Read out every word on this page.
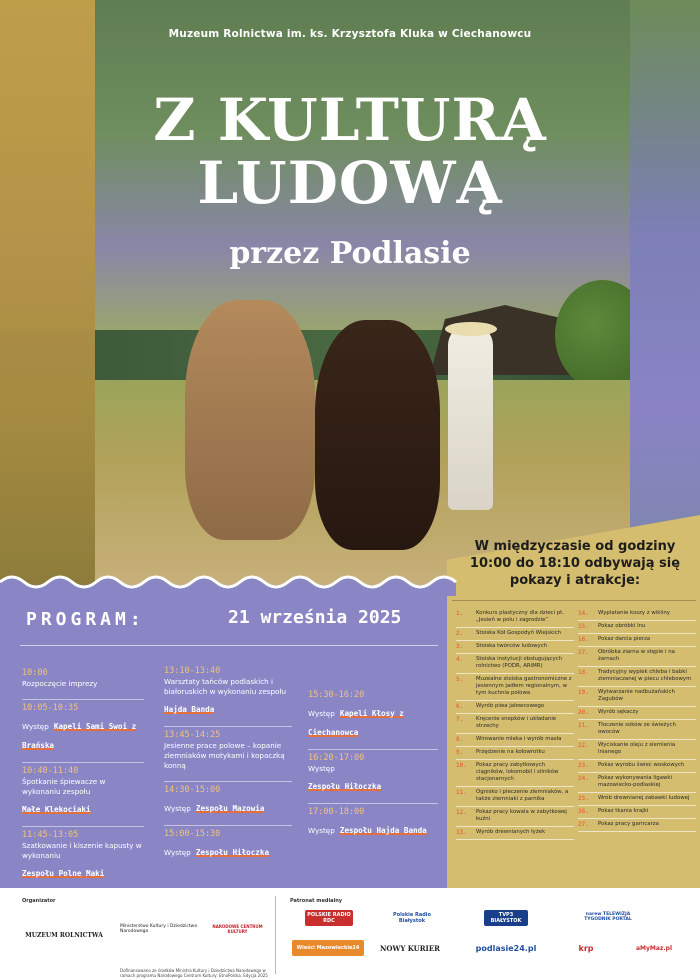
Muzeum Rolnictwa im. ks. Krzysztofa Kluka w Ciechanowcu
Z KULTURĄ
LUDOWĄ
przez Podlasie
PROGRAM:	21 września 2025
10:00
Rozpoczęcie imprezy
10:05-10:35
Występ Kapeli Sami Swoi z Brańska
10:40-11:40
Śpotkanie śpiewacze w wykonaniu zespołu
Małe Klekociaki
11:45-13:05
Szatkowanie i kiszenie kapusty w wykonaniu
Zespołu Polne Maki
13:10-13:40
Warsztaty tańców podlaskich i białoruskich w wykonaniu zespołu
Hajda Banda
13:45-14:25
Jesienne prace polowe – kopanie ziemniaków motykami i kopaczką konną
14:30-15:00
Występ Zespołu Mazowia
15:00-15:30
Występ Zespołu Hiłoczka
15:30-16:20
Występ Kapeli Kłosy z Ciechanowca
16:20-17:00
Występ
Zespołu Hiłoczka
17:00-18:00
Występ Zespołu Hajda Banda
W międzyczasie od godziny 10:00 do 18:10 odbywają się pokazy i atrakcje:
1.	Konkurs plastyczny dla dzieci pt. „Jesień w polu i zagrodzie”
2.	Stoiska Kół Gospodyń Wiejskich
3.	Stoiska twórców ludowych
4.	Stoiska instytucji obsługujących rolnictwo (PODR, ARiMR)
5.	Muzealne stoiska gastronomiczne z jesiennym jadłem regionalnym, w tym kuchnia polowa
6.	Wyrób piwa jałowcowego
7.	Kręcenie snopków i układanie strzechy
8.	Wirowanie mleka i wyrób masła
9.	Przędzenie na kołowrotku
10.	Pokaz pracy zabytkowych ciągników, lokomobil i silników stacjonarnych
11.	Ognisko i pieczenie ziemniaków, a także ziemniaki z parnika
12.	Pokaz pracy kowala w zabytkowej kuźni
13.	Wyrób drewnianych łyżek
14.	Wyplatanie koszy z wikliny
15.	Pokaz obróbki lnu
16.	Pokaz darcia pierza
17.	Obróbka ziarna w stępie i na żarnach
18.	Tradycyjny wypiek chleba i babki ziemniaczanej w piecu chlebowym
19.	Wytwarzanie nadbużańskich Zagubów
20.	Wyrób sękaczy
21.	Tłoczenie soków ze świeżych owoców
22.	Wyciskanie oleju z siemienia lnianego
23.	Pokaz wyrobu świec woskowych
24.	Pokaz wykonywania ligawki mazowiecko-podlaskiej
25.	Wrób drewnianej zabawki ludowej
26.	Pokaz tkania krajki
27.	Pokaz pracy garncarza
Organizator
MUZEUM ROLNICTWA
Ministerstwo Kultury i Dziedzictwa Narodowego
NARODOWE CENTRUM KULTURY
Patronat medialny
POLSKIE RADIO RDC
Polskie Radio Białystok
TVP3 BIAŁYSTOK
narew TELEWIZJA TYGODNIK PORTAL
Wieści Mazowieckie24	NOWY KURIER	podlasie24.pl	krp	aMyMaz.pl
Dofinansowano ze środków Ministra Kultury i Dziedzictwa Narodowego w ramach programu Narodowego Centrum Kultury: EtnoPolska. Edycja 2025
